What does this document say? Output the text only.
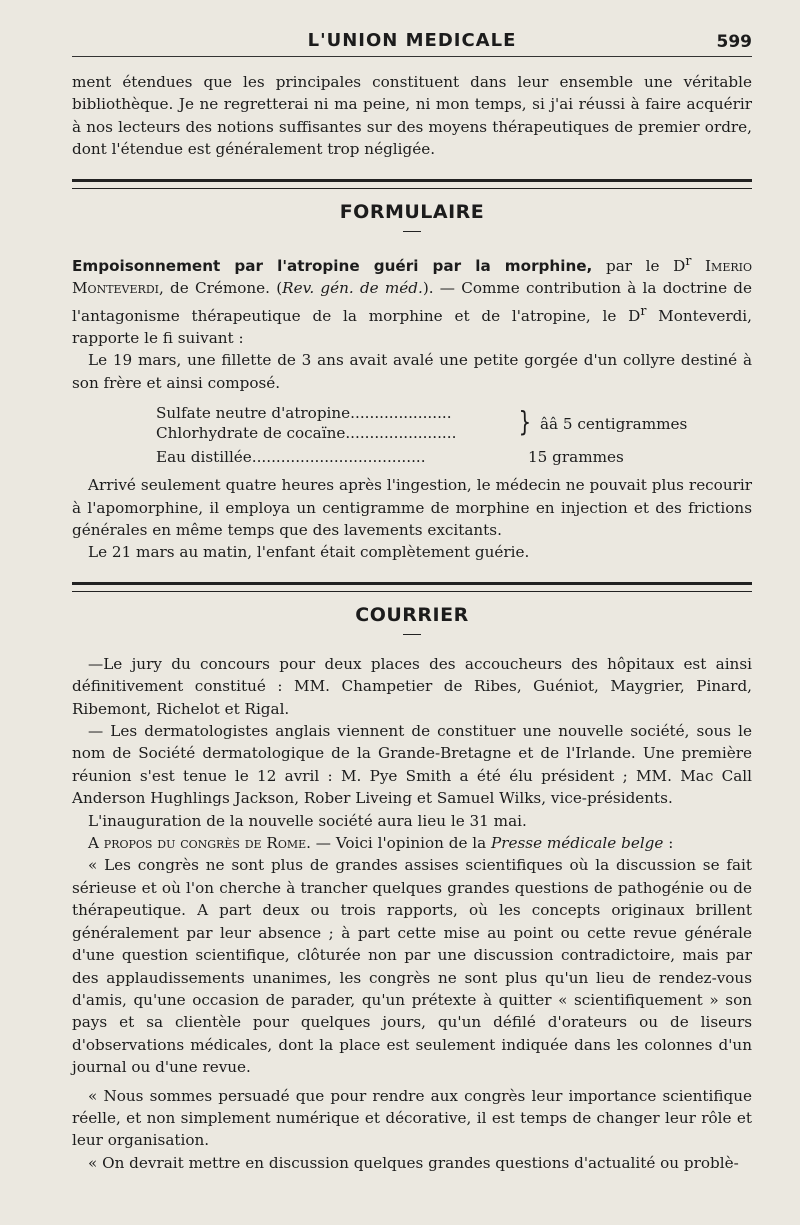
L'UNION MEDICALE	599

ment étendues que les principales constituent dans leur ensemble une véritable bibliothèque. Je ne regretterai ni ma peine, ni mon temps, si j'ai réussi à faire acquérir à nos lecteurs des notions suffisantes sur des moyens thérapeutiques de premier ordre, dont l'étendue est généralement trop négligée.

FORMULAIRE

Empoisonnement par l'atropine guéri par la morphine, par le $D^r$ Imerio Monteverdi, de Crémone. (Rev. gén. de méd.). — Comme contribution à la doctrine de l'antagonisme thérapeutique de la morphine et de l'atropine, le $D^r$ Monteverdi, rapporte le fi suivant :

Le 19 mars, une fillette de 3 ans avait avalé une petite gorgée d'un collyre destiné à son frère et ainsi composé.

Sulfate neutre d'atropine.....................
Chlorhydrate de cocaïne....................... } ââ 5 centigrammes
Eau distillée....................................	15 grammes

Arrivé seulement quatre heures après l'ingestion, le médecin ne pouvait plus recourir à l'apomorphine, il employa un centigramme de morphine en injection et des frictions générales en même temps que des lavements excitants.

Le 21 mars au matin, l'enfant était complètement guérie.

COURRIER

—Le jury du concours pour deux places des accoucheurs des hôpitaux est ainsi définitivement constitué : MM. Champetier de Ribes, Guéniot, Maygrier, Pinard, Ribemont, Richelot et Rigal.

— Les dermatologistes anglais viennent de constituer une nouvelle société, sous le nom de Société dermatologique de la Grande-Bretagne et de l'Irlande. Une première réunion s'est tenue le 12 avril : M. Pye Smith a été élu président ; MM. Mac Call Anderson Hughlings Jackson, Rober Liveing et Samuel Wilks, vice-présidents.

L'inauguration de la nouvelle société aura lieu le 31 mai.

A propos du congrès de Rome. — Voici l'opinion de la Presse médicale belge :

« Les congrès ne sont plus de grandes assises scientifiques où la discussion se fait sérieuse et où l'on cherche à trancher quelques grandes questions de pathogénie ou de thérapeutique. A part deux ou trois rapports, où les concepts originaux brillent généralement par leur absence ; à part cette mise au point ou cette revue générale d'une question scientifique, clôturée non par une discussion contradictoire, mais par des applaudissements unanimes, les congrès ne sont plus qu'un lieu de rendez-vous d'amis, qu'une occasion de parader, qu'un prétexte à quitter « scientifiquement » son pays et sa clientèle pour quelques jours, qu'un défilé d'orateurs ou de liseurs d'observations médicales, dont la place est seulement indiquée dans les colonnes d'un journal ou d'une revue.

« Nous sommes persuadé que pour rendre aux congrès leur importance scientifique réelle, et non simplement numérique et décorative, il est temps de changer leur rôle et leur organisation.

« On devrait mettre en discussion quelques grandes questions d'actualité ou problè-
